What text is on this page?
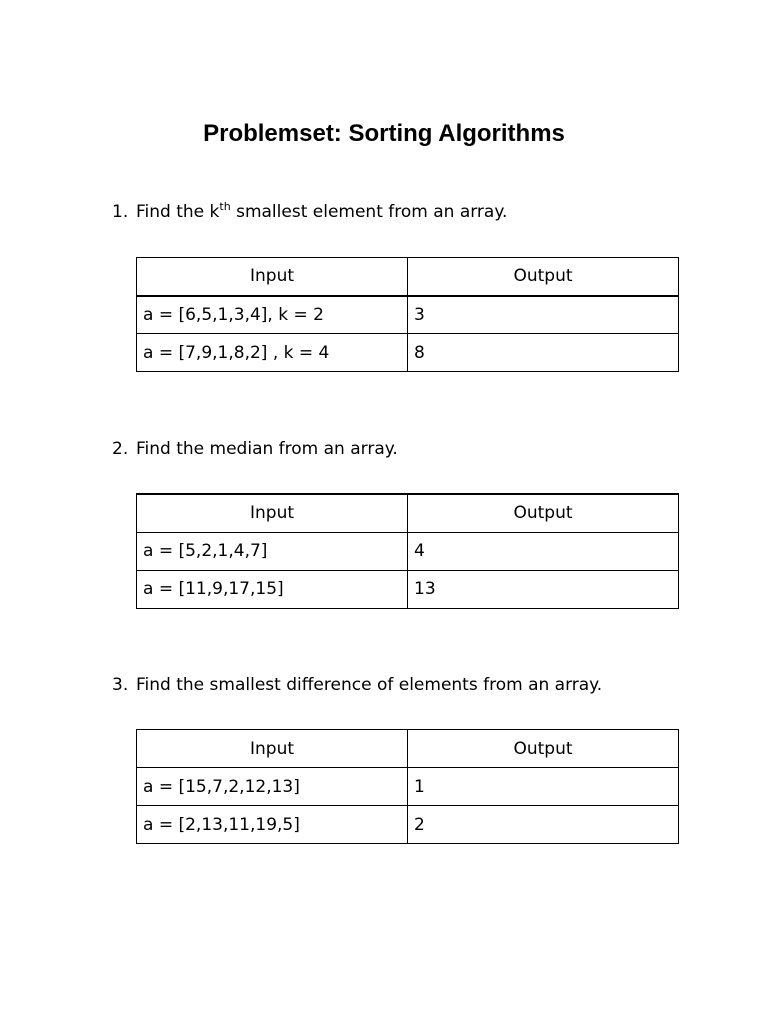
Problemset: Sorting Algorithms
1. Find the $k^{th}$ smallest element from an array.
Input	Output
a = [6,5,1,3,4], k = 2	3
a = [7,9,1,8,2] , k = 4	8
2. Find the median from an array.
Input	Output
a = [5,2,1,4,7]	4
a = [11,9,17,15]	13
3. Find the smallest difference of elements from an array.
Input	Output
a = [15,7,2,12,13]	1
a = [2,13,11,19,5]	2
